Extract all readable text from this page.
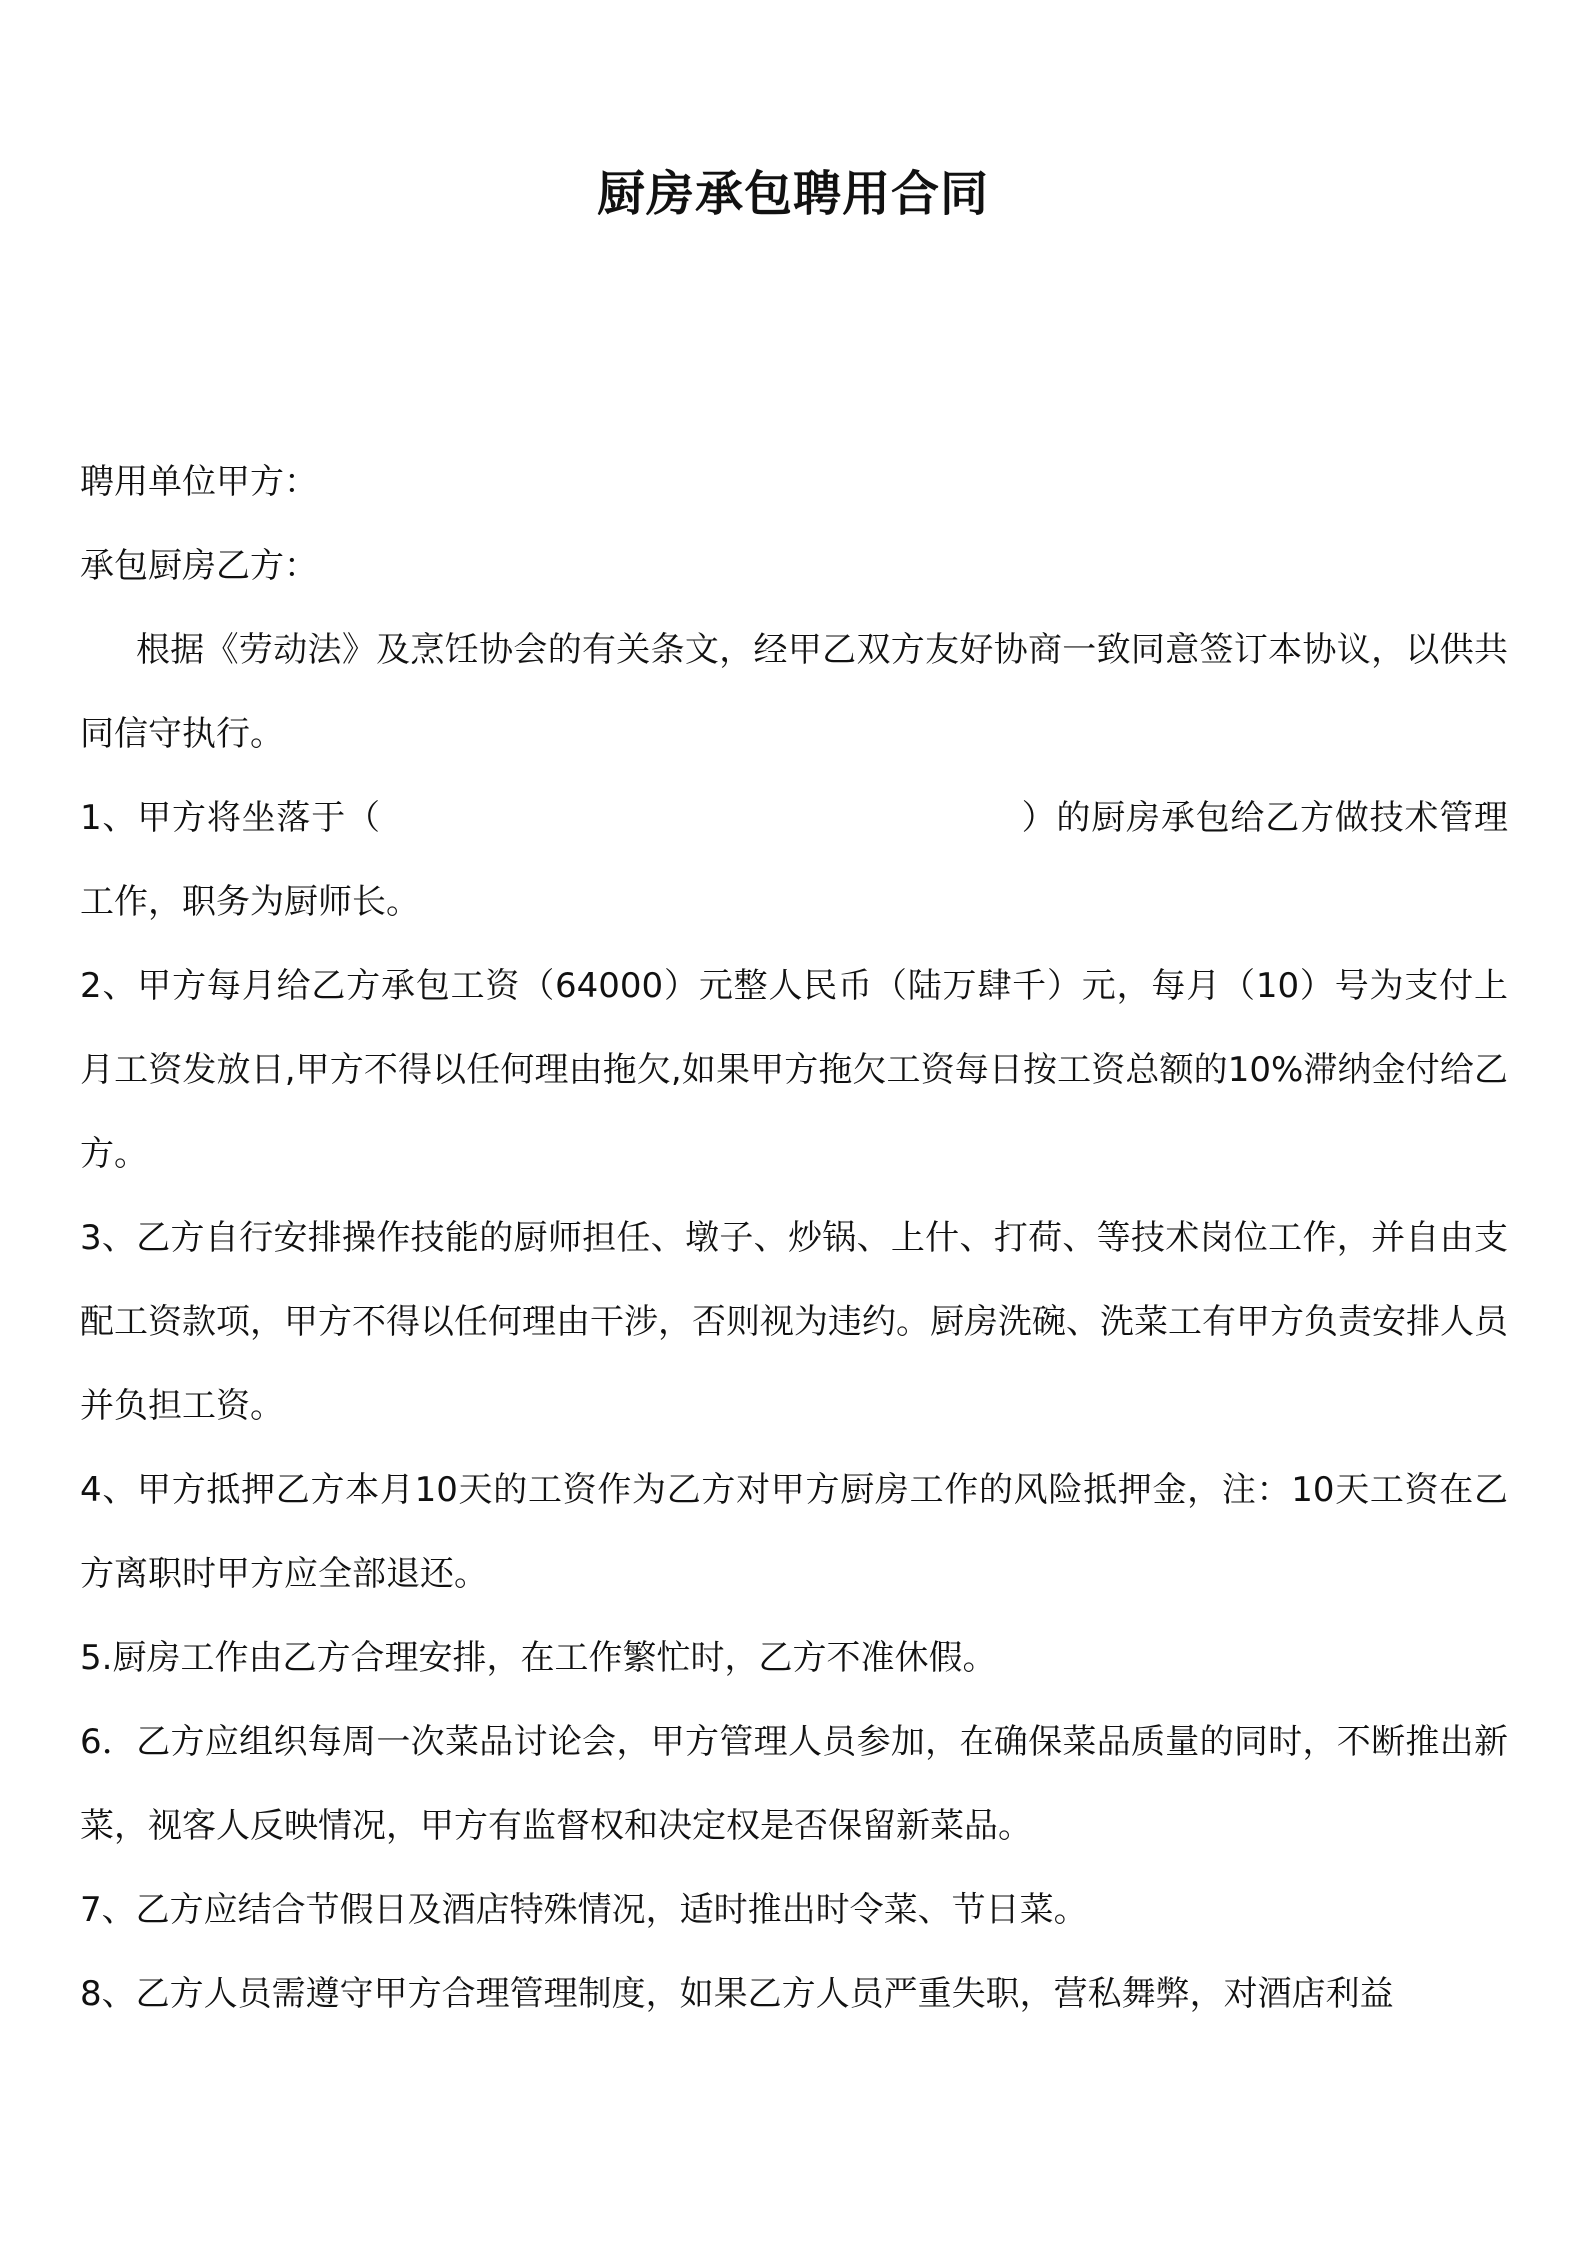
厨房承包聘用合同

聘用单位甲方：

承包厨房乙方：

根据《劳动法》及烹饪协会的有关条文，经甲乙双方友好协商一致同意签订本协议，以供共同信守执行。

1、甲方将坐落于（	）的厨房承包给乙方做技术管理工作，职务为厨师长。

2、甲方每月给乙方承包工资（64000）元整人民币（陆万肆千）元，每月（10）号为支付上月工资发放日,甲方不得以任何理由拖欠,如果甲方拖欠工资每日按工资总额的10%滞纳金付给乙方。

3、乙方自行安排操作技能的厨师担任、墩子、炒锅、上什、打荷、等技术岗位工作，并自由支配工资款项，甲方不得以任何理由干涉，否则视为违约。厨房洗碗、洗菜工有甲方负责安排人员并负担工资。

4、甲方抵押乙方本月10天的工资作为乙方对甲方厨房工作的风险抵押金，注：10天工资在乙方离职时甲方应全部退还。

5.厨房工作由乙方合理安排，在工作繁忙时，乙方不准休假。

6．乙方应组织每周一次菜品讨论会，甲方管理人员参加，在确保菜品质量的同时，不断推出新菜，视客人反映情况，甲方有监督权和决定权是否保留新菜品。

7、乙方应结合节假日及酒店特殊情况，适时推出时令菜、节日菜。

8、乙方人员需遵守甲方合理管理制度，如果乙方人员严重失职，营私舞弊，对酒店利益
